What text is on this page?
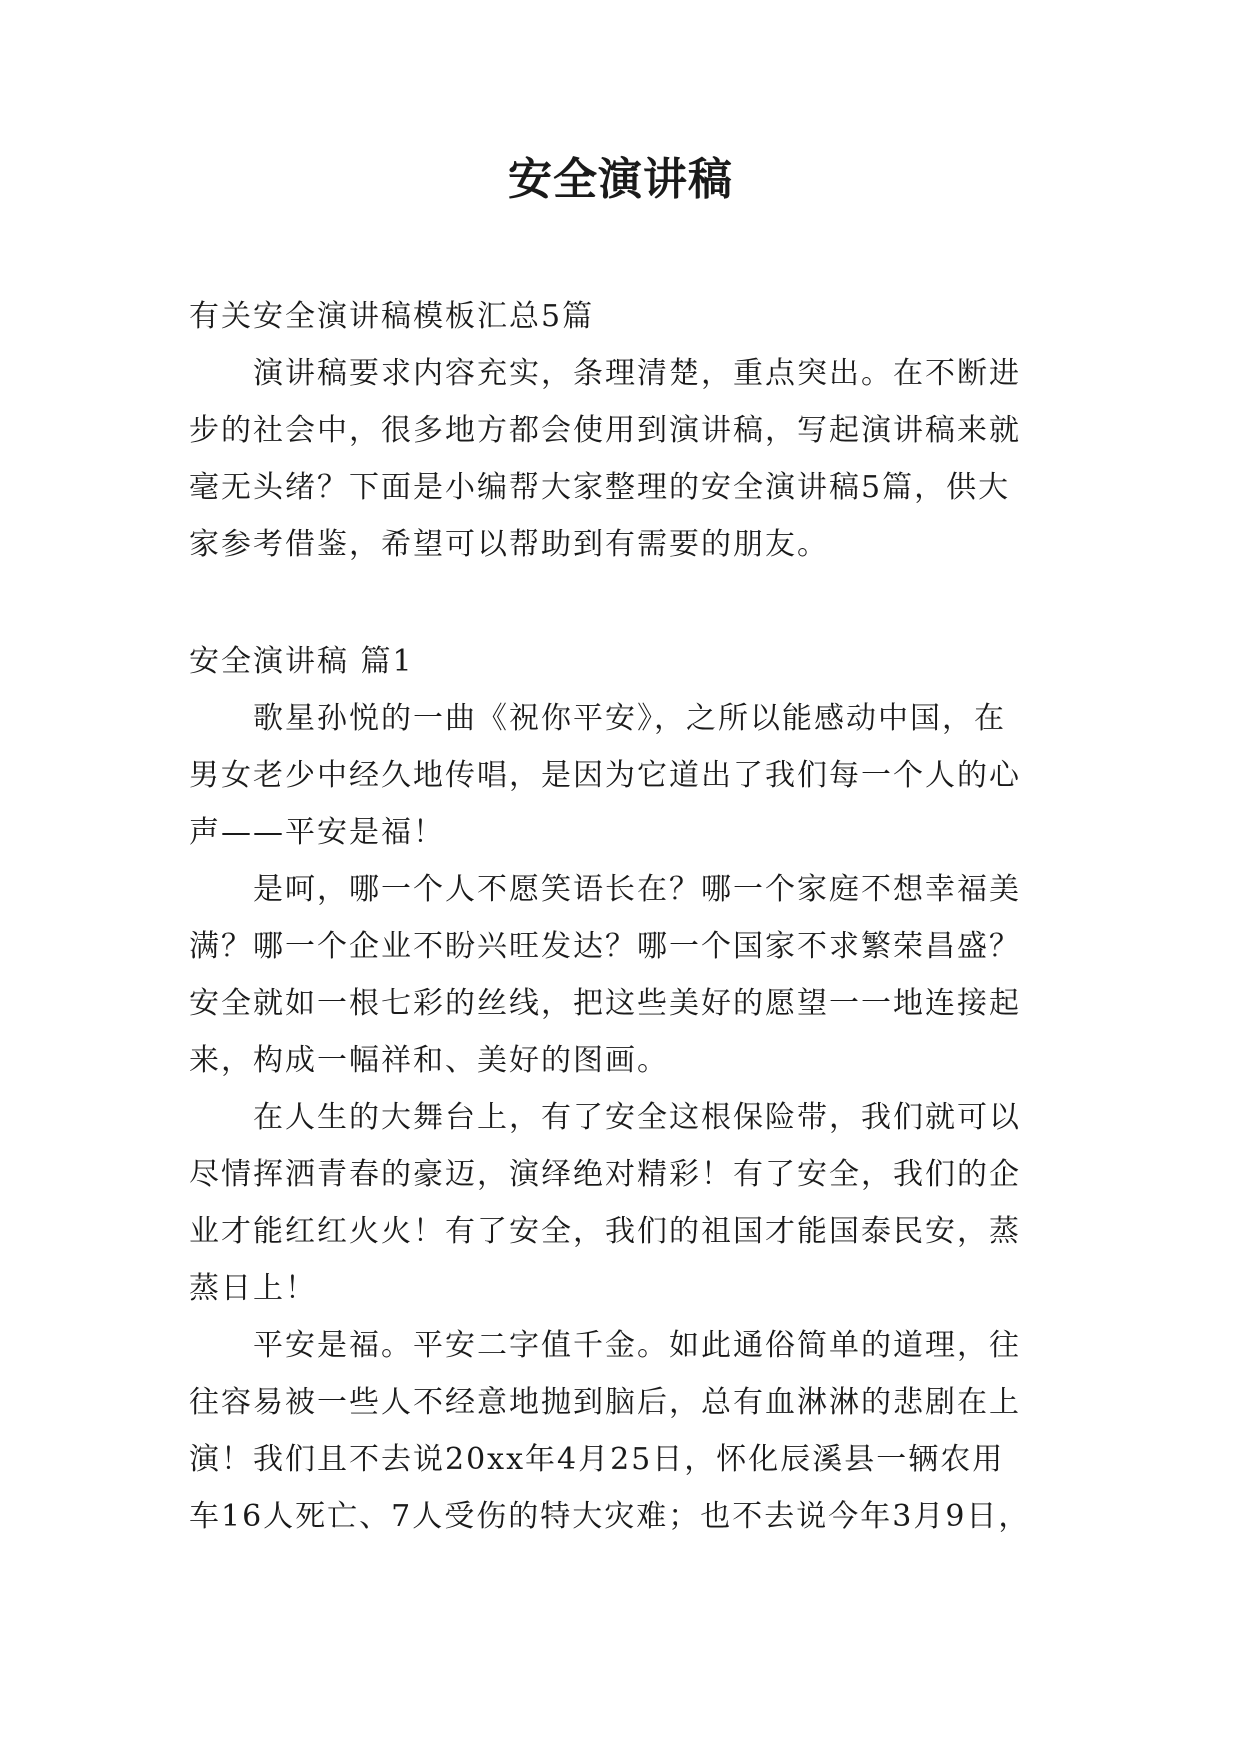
安全演讲稿

有关安全演讲稿模板汇总5篇

演讲稿要求内容充实，条理清楚，重点突出。在不断进

步的社会中，很多地方都会使用到演讲稿，写起演讲稿来就

毫无头绪？下面是小编帮大家整理的安全演讲稿5篇，供大

家参考借鉴，希望可以帮助到有需要的朋友。

安全演讲稿 篇1

歌星孙悦的一曲《祝你平安》，之所以能感动中国，在

男女老少中经久地传唱，是因为它道出了我们每一个人的心

声——平安是福！

是呵，哪一个人不愿笑语长在？哪一个家庭不想幸福美

满？哪一个企业不盼兴旺发达？哪一个国家不求繁荣昌盛？

安全就如一根七彩的丝线，把这些美好的愿望一一地连接起

来，构成一幅祥和、美好的图画。

在人生的大舞台上，有了安全这根保险带，我们就可以

尽情挥洒青春的豪迈，演绎绝对精彩！有了安全，我们的企

业才能红红火火！有了安全，我们的祖国才能国泰民安，蒸

蒸日上！

平安是福。平安二字值千金。如此通俗简单的道理，往

往容易被一些人不经意地抛到脑后，总有血淋淋的悲剧在上

演！我们且不去说20xx年4月25日，怀化辰溪县一辆农用

车16人死亡、7人受伤的特大灾难；也不去说今年3月9日，
